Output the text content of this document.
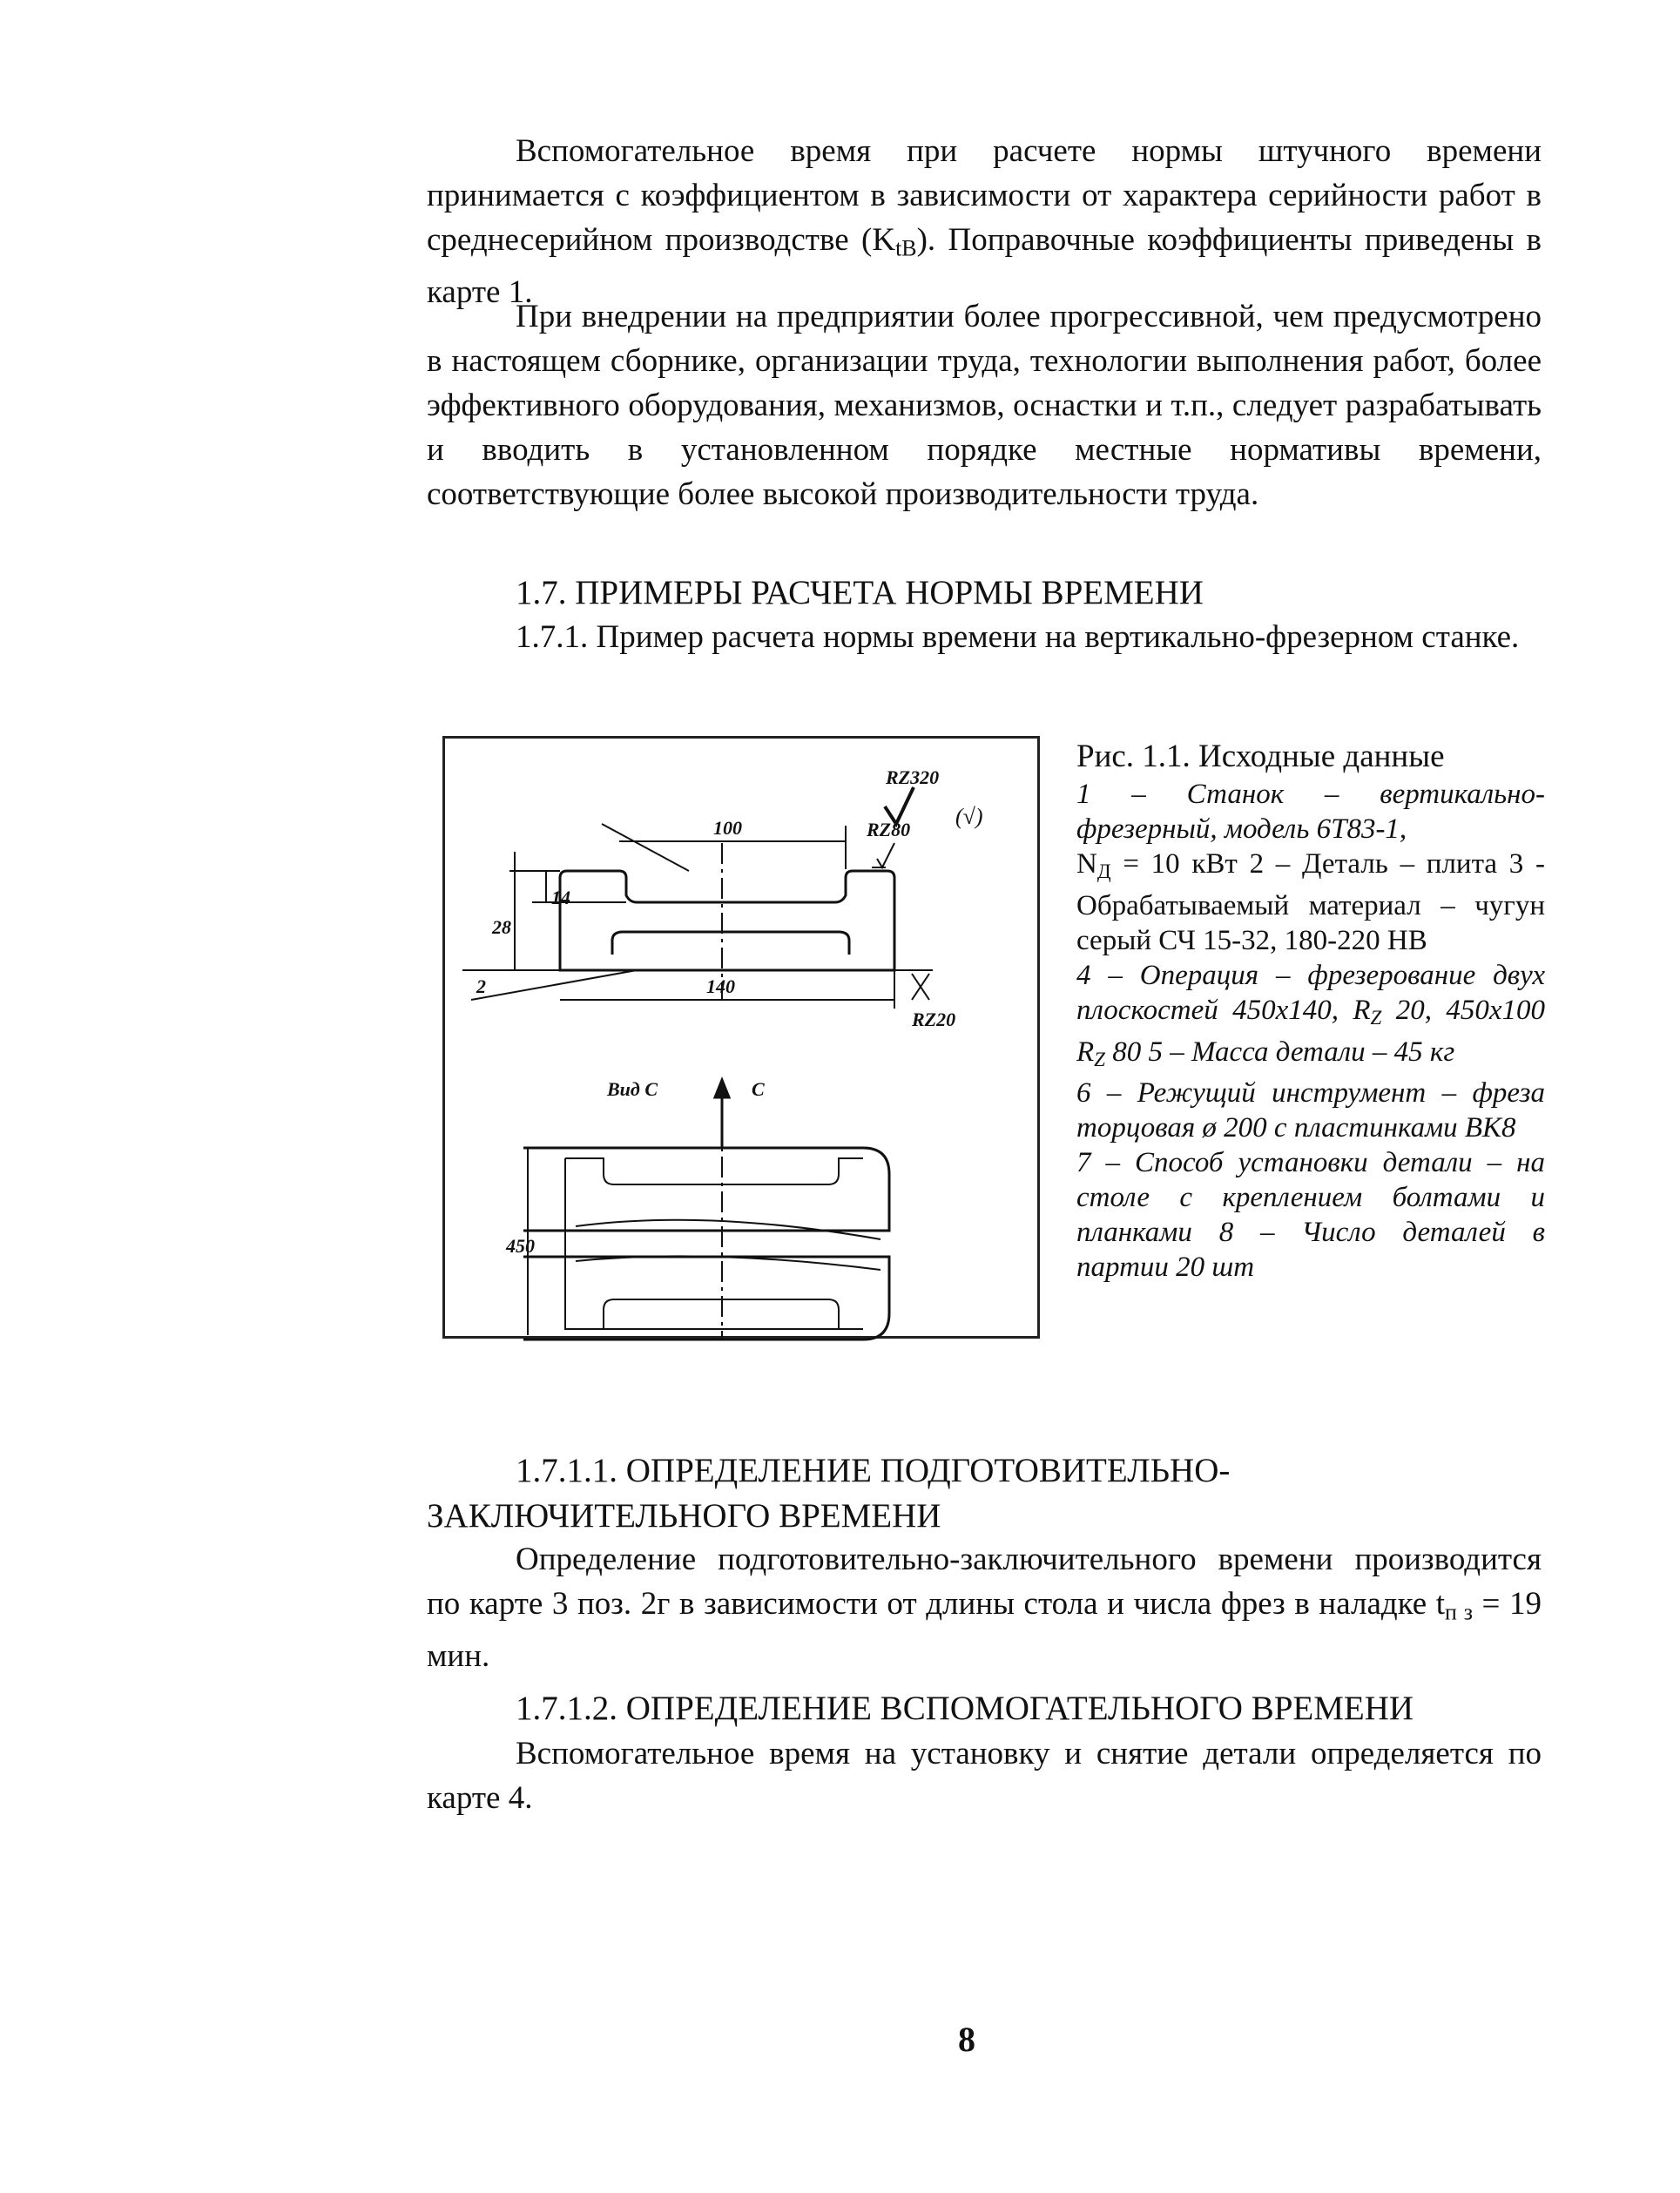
Вспомогательное время при расчете нормы штучного времени принимается с коэффициентом в зависимости от характера серийности работ в среднесерийном производстве $(K_{tB})$. Поправочные коэффициенты приведены в карте 1.

При внедрении на предприятии более прогрессивной, чем предусмотрено в настоящем сборнике, организации труда, технологии выполнения работ, более эффективного оборудования, механизмов, оснастки и т.п., следует разрабатывать и вводить в установленном порядке местные нормативы времени, соответствующие более высокой производительности труда.

1.7. ПРИМЕРЫ РАСЧЕТА НОРМЫ ВРЕМЕНИ

1.7.1. Пример расчета нормы времени на вертикально-фрезерном станке.

RZ320
(√)
100	RZ80
14
28
140
2
RZ20
Вид С	С
450
Рис. 1.1. Исходные данные
1 – Станок – вертикально-фрезерный, модель 6Т83-1,
$N_Д = 10$ кВт 2 – Деталь – плита 3 - Обрабатываемый материал – чугун серый СЧ 15-32, 180-220 НВ
4 – Операция – фрезерование двух плоскостей 450x140, $R_Z$ 20, 450x100 $R_Z$ 80 5 – Масса детали – 45 кг
6 – Режущий инструмент – фреза торцовая ø 200 с пластинками ВК8
7 – Способ установки детали – на столе с креплением болтами и планками 8 – Число деталей в партии 20 шт

1.7.1.1. ОПРЕДЕЛЕНИЕ ПОДГОТОВИТЕЛЬНО-ЗАКЛЮЧИТЕЛЬНОГО ВРЕМЕНИ

Определение подготовительно-заключительного времени производится по карте 3 поз. 2г в зависимости от длины стола и числа фрез в наладке $t_{п з} = 19$ мин.

1.7.1.2. ОПРЕДЕЛЕНИЕ ВСПОМОГАТЕЛЬНОГО ВРЕМЕНИ

Вспомогательное время на установку и снятие детали определяется по карте 4.

8
